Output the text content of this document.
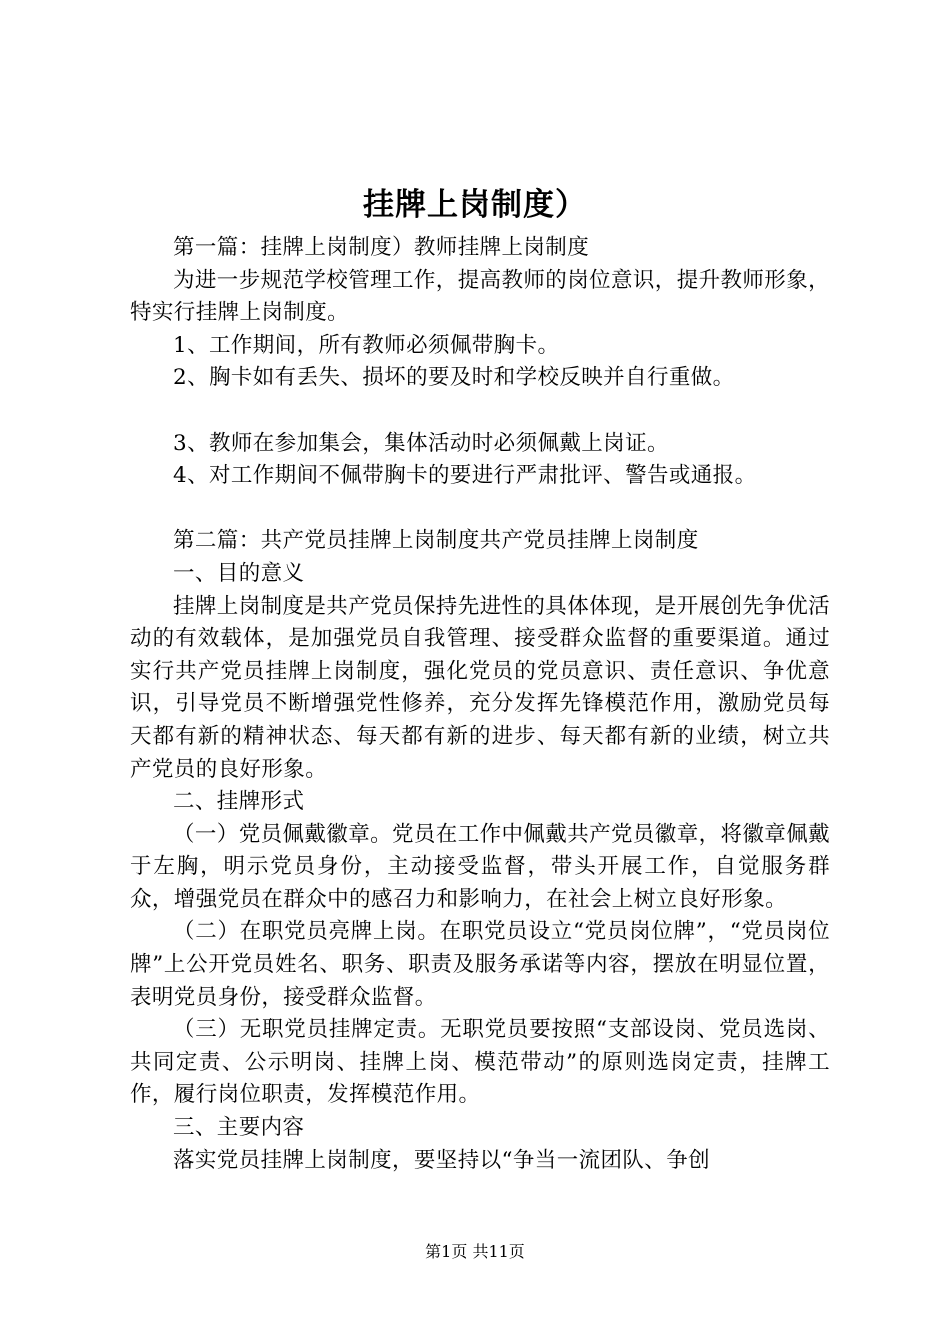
挂牌上岗制度）

第一篇：挂牌上岗制度）教师挂牌上岗制度

为进一步规范学校管理工作，提高教师的岗位意识，提升教师形象，特实行挂牌上岗制度。

1、工作期间，所有教师必须佩带胸卡。

2、胸卡如有丢失、损坏的要及时和学校反映并自行重做。

3、教师在参加集会，集体活动时必须佩戴上岗证。

4、对工作期间不佩带胸卡的要进行严肃批评、警告或通报。

第二篇：共产党员挂牌上岗制度共产党员挂牌上岗制度

一、目的意义

挂牌上岗制度是共产党员保持先进性的具体体现，是开展创先争优活动的有效载体，是加强党员自我管理、接受群众监督的重要渠道。通过实行共产党员挂牌上岗制度，强化党员的党员意识、责任意识、争优意识，引导党员不断增强党性修养，充分发挥先锋模范作用，激励党员每天都有新的精神状态、每天都有新的进步、每天都有新的业绩，树立共产党员的良好形象。

二、挂牌形式

（一）党员佩戴徽章。党员在工作中佩戴共产党员徽章，将徽章佩戴于左胸，明示党员身份，主动接受监督，带头开展工作，自觉服务群众，增强党员在群众中的感召力和影响力，在社会上树立良好形象。

（二）在职党员亮牌上岗。在职党员设立“党员岗位牌”，“党员岗位牌”上公开党员姓名、职务、职责及服务承诺等内容，摆放在明显位置，表明党员身份，接受群众监督。

（三）无职党员挂牌定责。无职党员要按照“支部设岗、党员选岗、共同定责、公示明岗、挂牌上岗、模范带动”的原则选岗定责，挂牌工作，履行岗位职责，发挥模范作用。

三、主要内容

落实党员挂牌上岗制度，要坚持以“争当一流团队、争创

第1页 共11页
